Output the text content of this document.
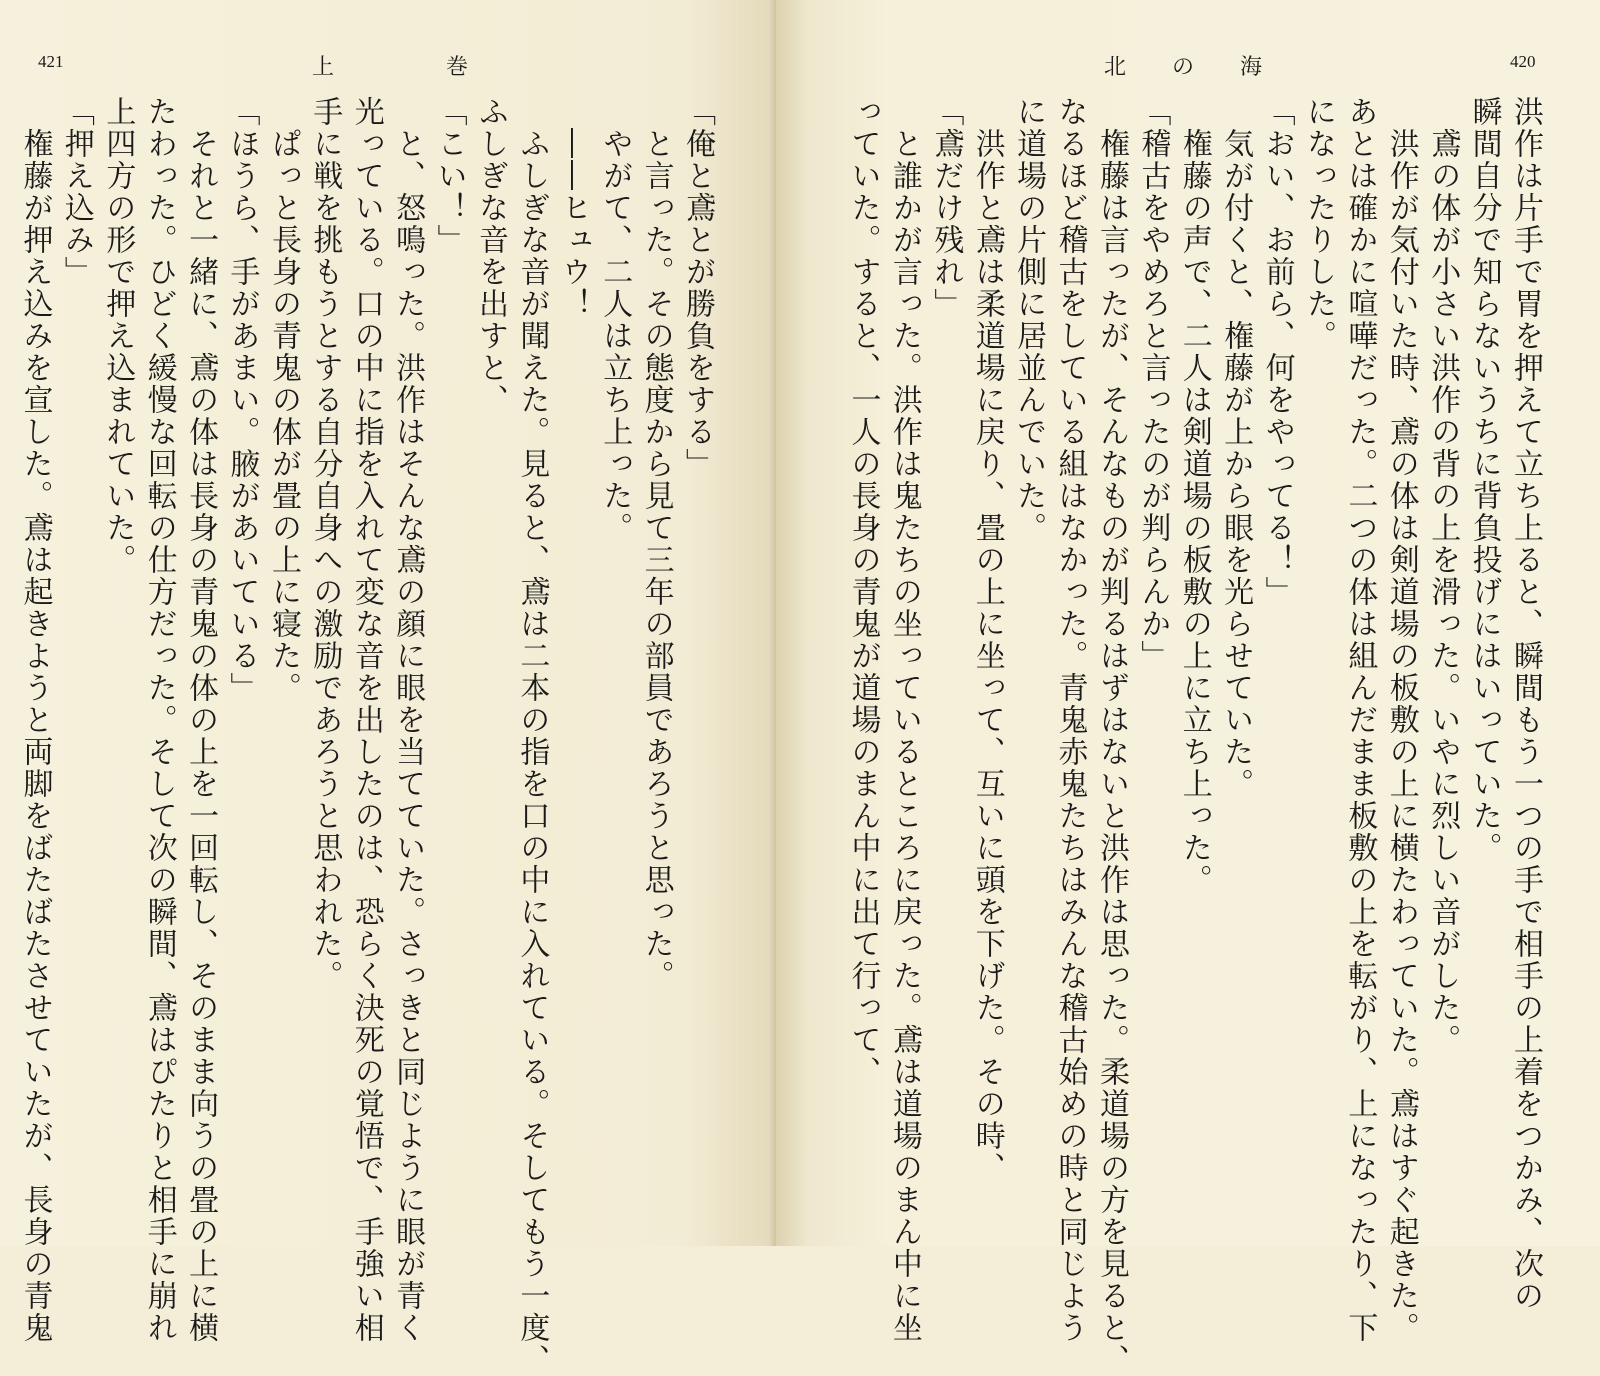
421	上	巻
「俺と鳶とが勝負をする」
　と言った。その態度から見て三年の部員であろうと思った。
　やがて、二人は立ち上った。
　――ヒュウ！
　ふしぎな音が聞えた。見ると、鳶は二本の指を口の中に入れている。そしてもう一度、
ふしぎな音を出すと、
「こい！」
　と、怒鳴った。洪作はそんな鳶の顔に眼を当てていた。さっきと同じように眼が青く
光っている。口の中に指を入れて変な音を出したのは、恐らく決死の覚悟で、手強い相
手に戦を挑もうとする自分自身への激励であろうと思われた。
　ぱっと長身の青鬼の体が畳の上に寝た。
「ほうら、手があまい。腋があいている」
　それと一緒に、鳶の体は長身の青鬼の体の上を一回転し、そのまま向うの畳の上に横
たわった。ひどく緩慢な回転の仕方だった。そして次の瞬間、鳶はぴたりと相手に崩れ
上四方の形で押え込まれていた。
「押え込み」
　権藤が押え込みを宣した。鳶は起きようと両脚をばたばたさせていたが、長身の青鬼
420
北 の 海
洪作は片手で胃を押えて立ち上ると、瞬間もう一つの手で相手の上着をつかみ、次の
瞬間自分で知らないうちに背負投げにはいっていた。
　鳶の体が小さい洪作の背の上を滑った。いやに烈しい音がした。
　洪作が気付いた時、鳶の体は剣道場の板敷の上に横たわっていた。鳶はすぐ起きた。
あとは確かに喧嘩だった。二つの体は組んだまま板敷の上を転がり、上になったり、下
になったりした。
「おい、お前ら、何をやってる！」
　気が付くと、権藤が上から眼を光らせていた。
　権藤の声で、二人は剣道場の板敷の上に立ち上った。
「稽古をやめろと言ったのが判らんか」
　権藤は言ったが、そんなものが判るはずはないと洪作は思った。柔道場の方を見ると、
なるほど稽古をしている組はなかった。青鬼赤鬼たちはみんな稽古始めの時と同じよう
に道場の片側に居並んでいた。
　洪作と鳶は柔道場に戻り、畳の上に坐って、互いに頭を下げた。その時、
「鳶だけ残れ」
　と誰かが言った。洪作は鬼たちの坐っているところに戻った。鳶は道場のまん中に坐
っていた。すると、一人の長身の青鬼が道場のまん中に出て行って、
